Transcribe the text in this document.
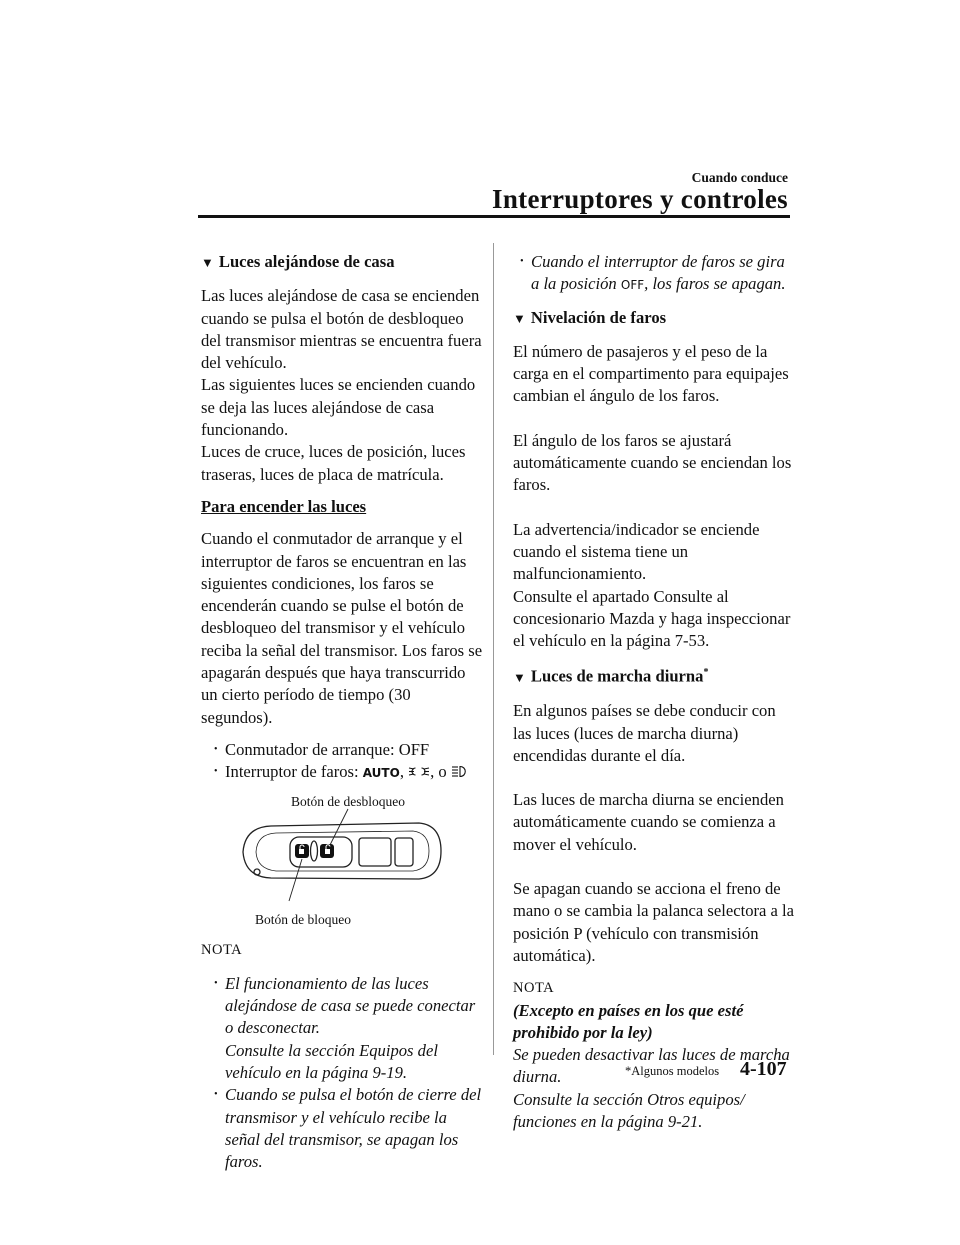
Cuando conduce
Interruptores y controles

▼ Luces alejándose de casa

Las luces alejándose de casa se encienden cuando se pulsa el botón de desbloqueo del transmisor mientras se encuentra fuera del vehículo.

Las siguientes luces se encienden cuando se deja las luces alejándose de casa funcionando.

Luces de cruce, luces de posición, luces traseras, luces de placa de matrícula.

Para encender las luces

Cuando el conmutador de arranque y el interruptor de faros se encuentran en las siguientes condiciones, los faros se encenderán cuando se pulse el botón de desbloqueo del transmisor y el vehículo reciba la señal del transmisor. Los faros se apagarán después que haya transcurrido un cierto período de tiempo (30 segundos).

• Conmutador de arranque: OFF
• Interruptor de faros: AUTO, , o
Botón de desbloqueo
Botón de bloqueo

NOTA

• El funcionamiento de las luces alejándose de casa se puede conectar o desconectar.
Consulte la sección Equipos del vehículo en la página 9-19.
• Cuando se pulsa el botón de cierre del transmisor y el vehículo recibe la señal del transmisor, se apagan los faros.
• Cuando el interruptor de faros se gira a la posición OFF, los faros se apagan.

▼ Nivelación de faros

El número de pasajeros y el peso de la carga en el compartimento para equipajes cambian el ángulo de los faros.

El ángulo de los faros se ajustará automáticamente cuando se enciendan los faros.

La advertencia/indicador se enciende cuando el sistema tiene un malfuncionamiento.

Consulte el apartado Consulte al concesionario Mazda y haga inspeccionar el vehículo en la página 7-53.

▼ Luces de marcha diurna*

En algunos países se debe conducir con las luces (luces de marcha diurna) encendidas durante el día.

Las luces de marcha diurna se encienden automáticamente cuando se comienza a mover el vehículo.

Se apagan cuando se acciona el freno de mano o se cambia la palanca selectora a la posición P (vehículo con transmisión automática).

NOTA

(Excepto en países en los que esté prohibido por la ley)

Se pueden desactivar las luces de marcha diurna.

Consulte la sección Otros equipos/ funciones en la página 9-21.

*Algunos modelos 4-107
